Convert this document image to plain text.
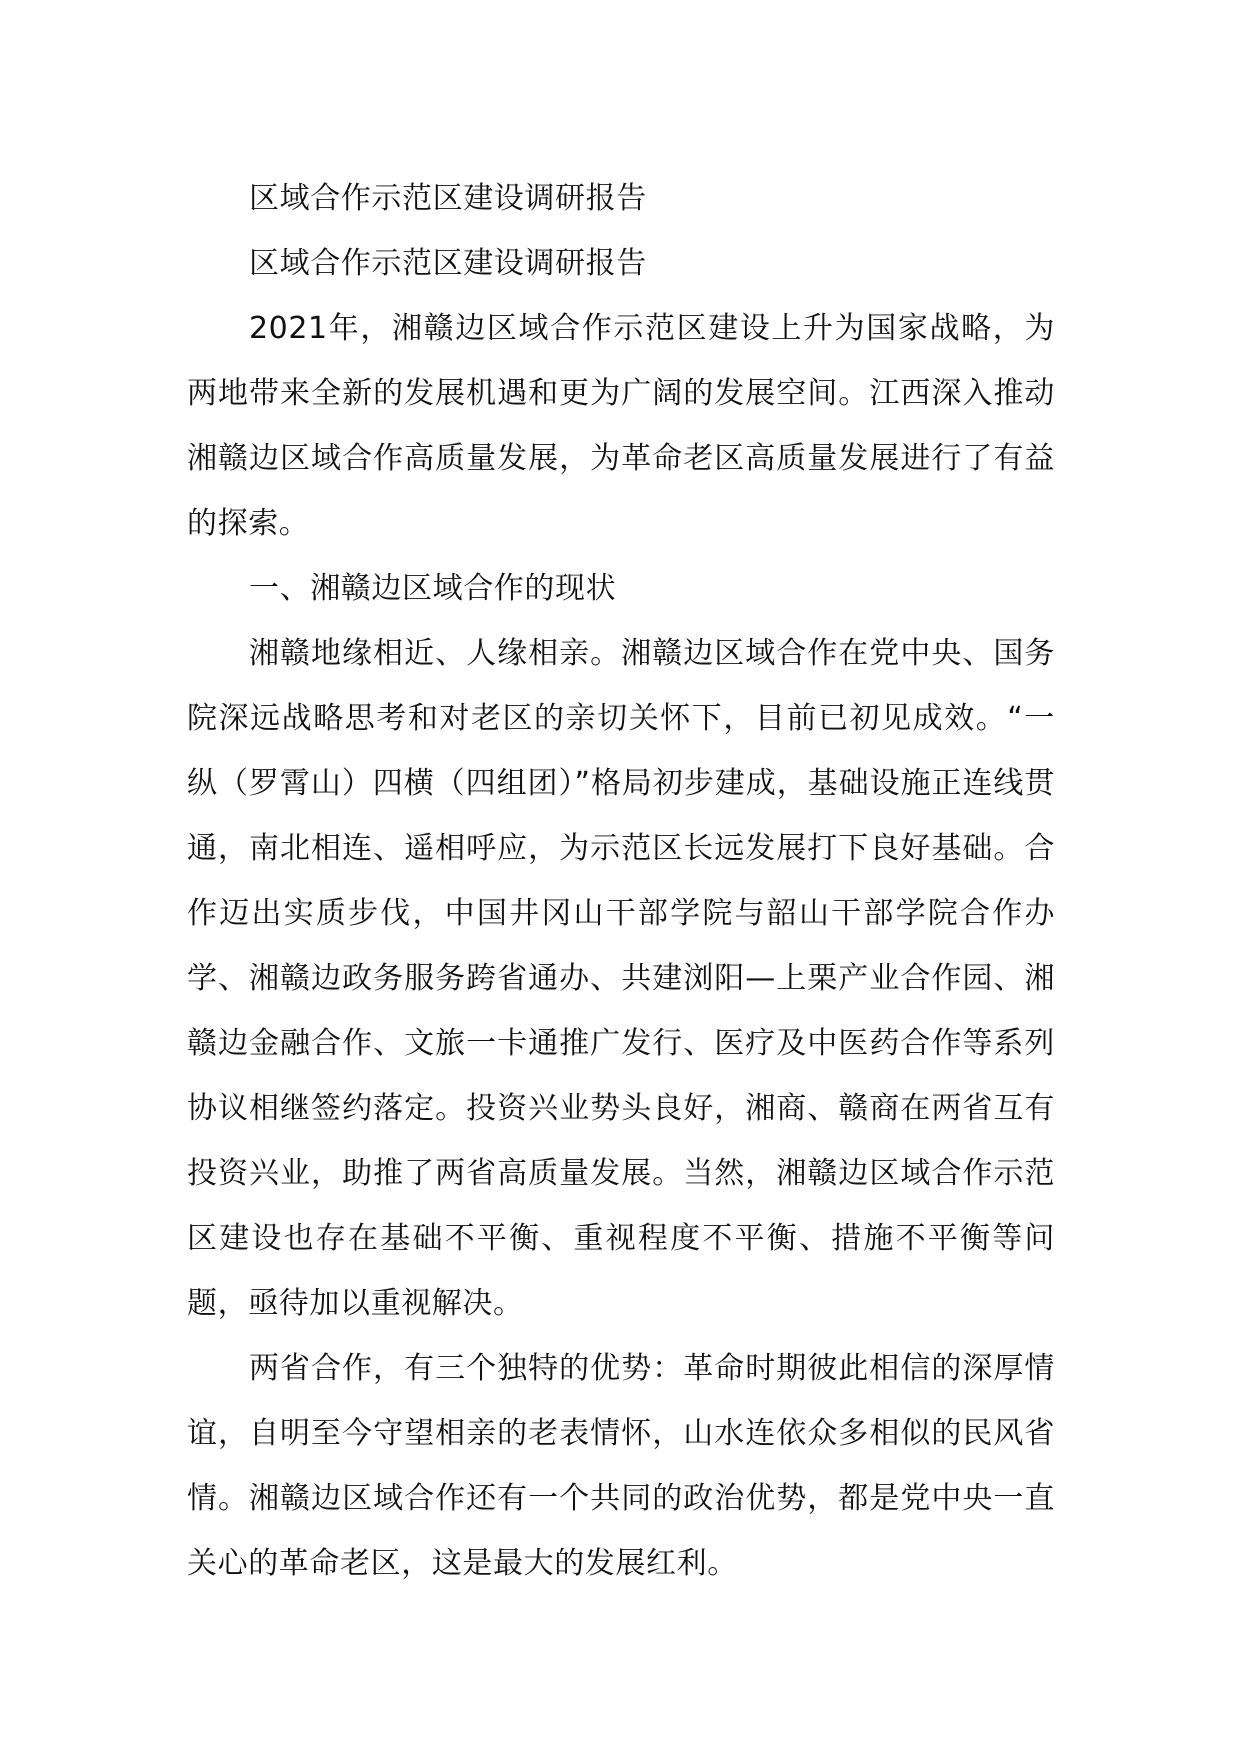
区域合作示范区建设调研报告

区域合作示范区建设调研报告

2021年，湘赣边区域合作示范区建设上升为国家战略，为两地带来全新的发展机遇和更为广阔的发展空间。江西深入推动湘赣边区域合作高质量发展，为革命老区高质量发展进行了有益的探索。

一、湘赣边区域合作的现状

湘赣地缘相近、人缘相亲。湘赣边区域合作在党中央、国务院深远战略思考和对老区的亲切关怀下，目前已初见成效。“一纵（罗霄山）四横（四组团）”格局初步建成，基础设施正连线贯通，南北相连、遥相呼应，为示范区长远发展打下良好基础。合作迈出实质步伐，中国井冈山干部学院与韶山干部学院合作办学、湘赣边政务服务跨省通办、共建浏阳—上栗产业合作园、湘赣边金融合作、文旅一卡通推广发行、医疗及中医药合作等系列协议相继签约落定。投资兴业势头良好，湘商、赣商在两省互有投资兴业，助推了两省高质量发展。当然，湘赣边区域合作示范区建设也存在基础不平衡、重视程度不平衡、措施不平衡等问题，亟待加以重视解决。

两省合作，有三个独特的优势：革命时期彼此相信的深厚情谊，自明至今守望相亲的老表情怀，山水连依众多相似的民风省情。湘赣边区域合作还有一个共同的政治优势，都是党中央一直关心的革命老区，这是最大的发展红利。
